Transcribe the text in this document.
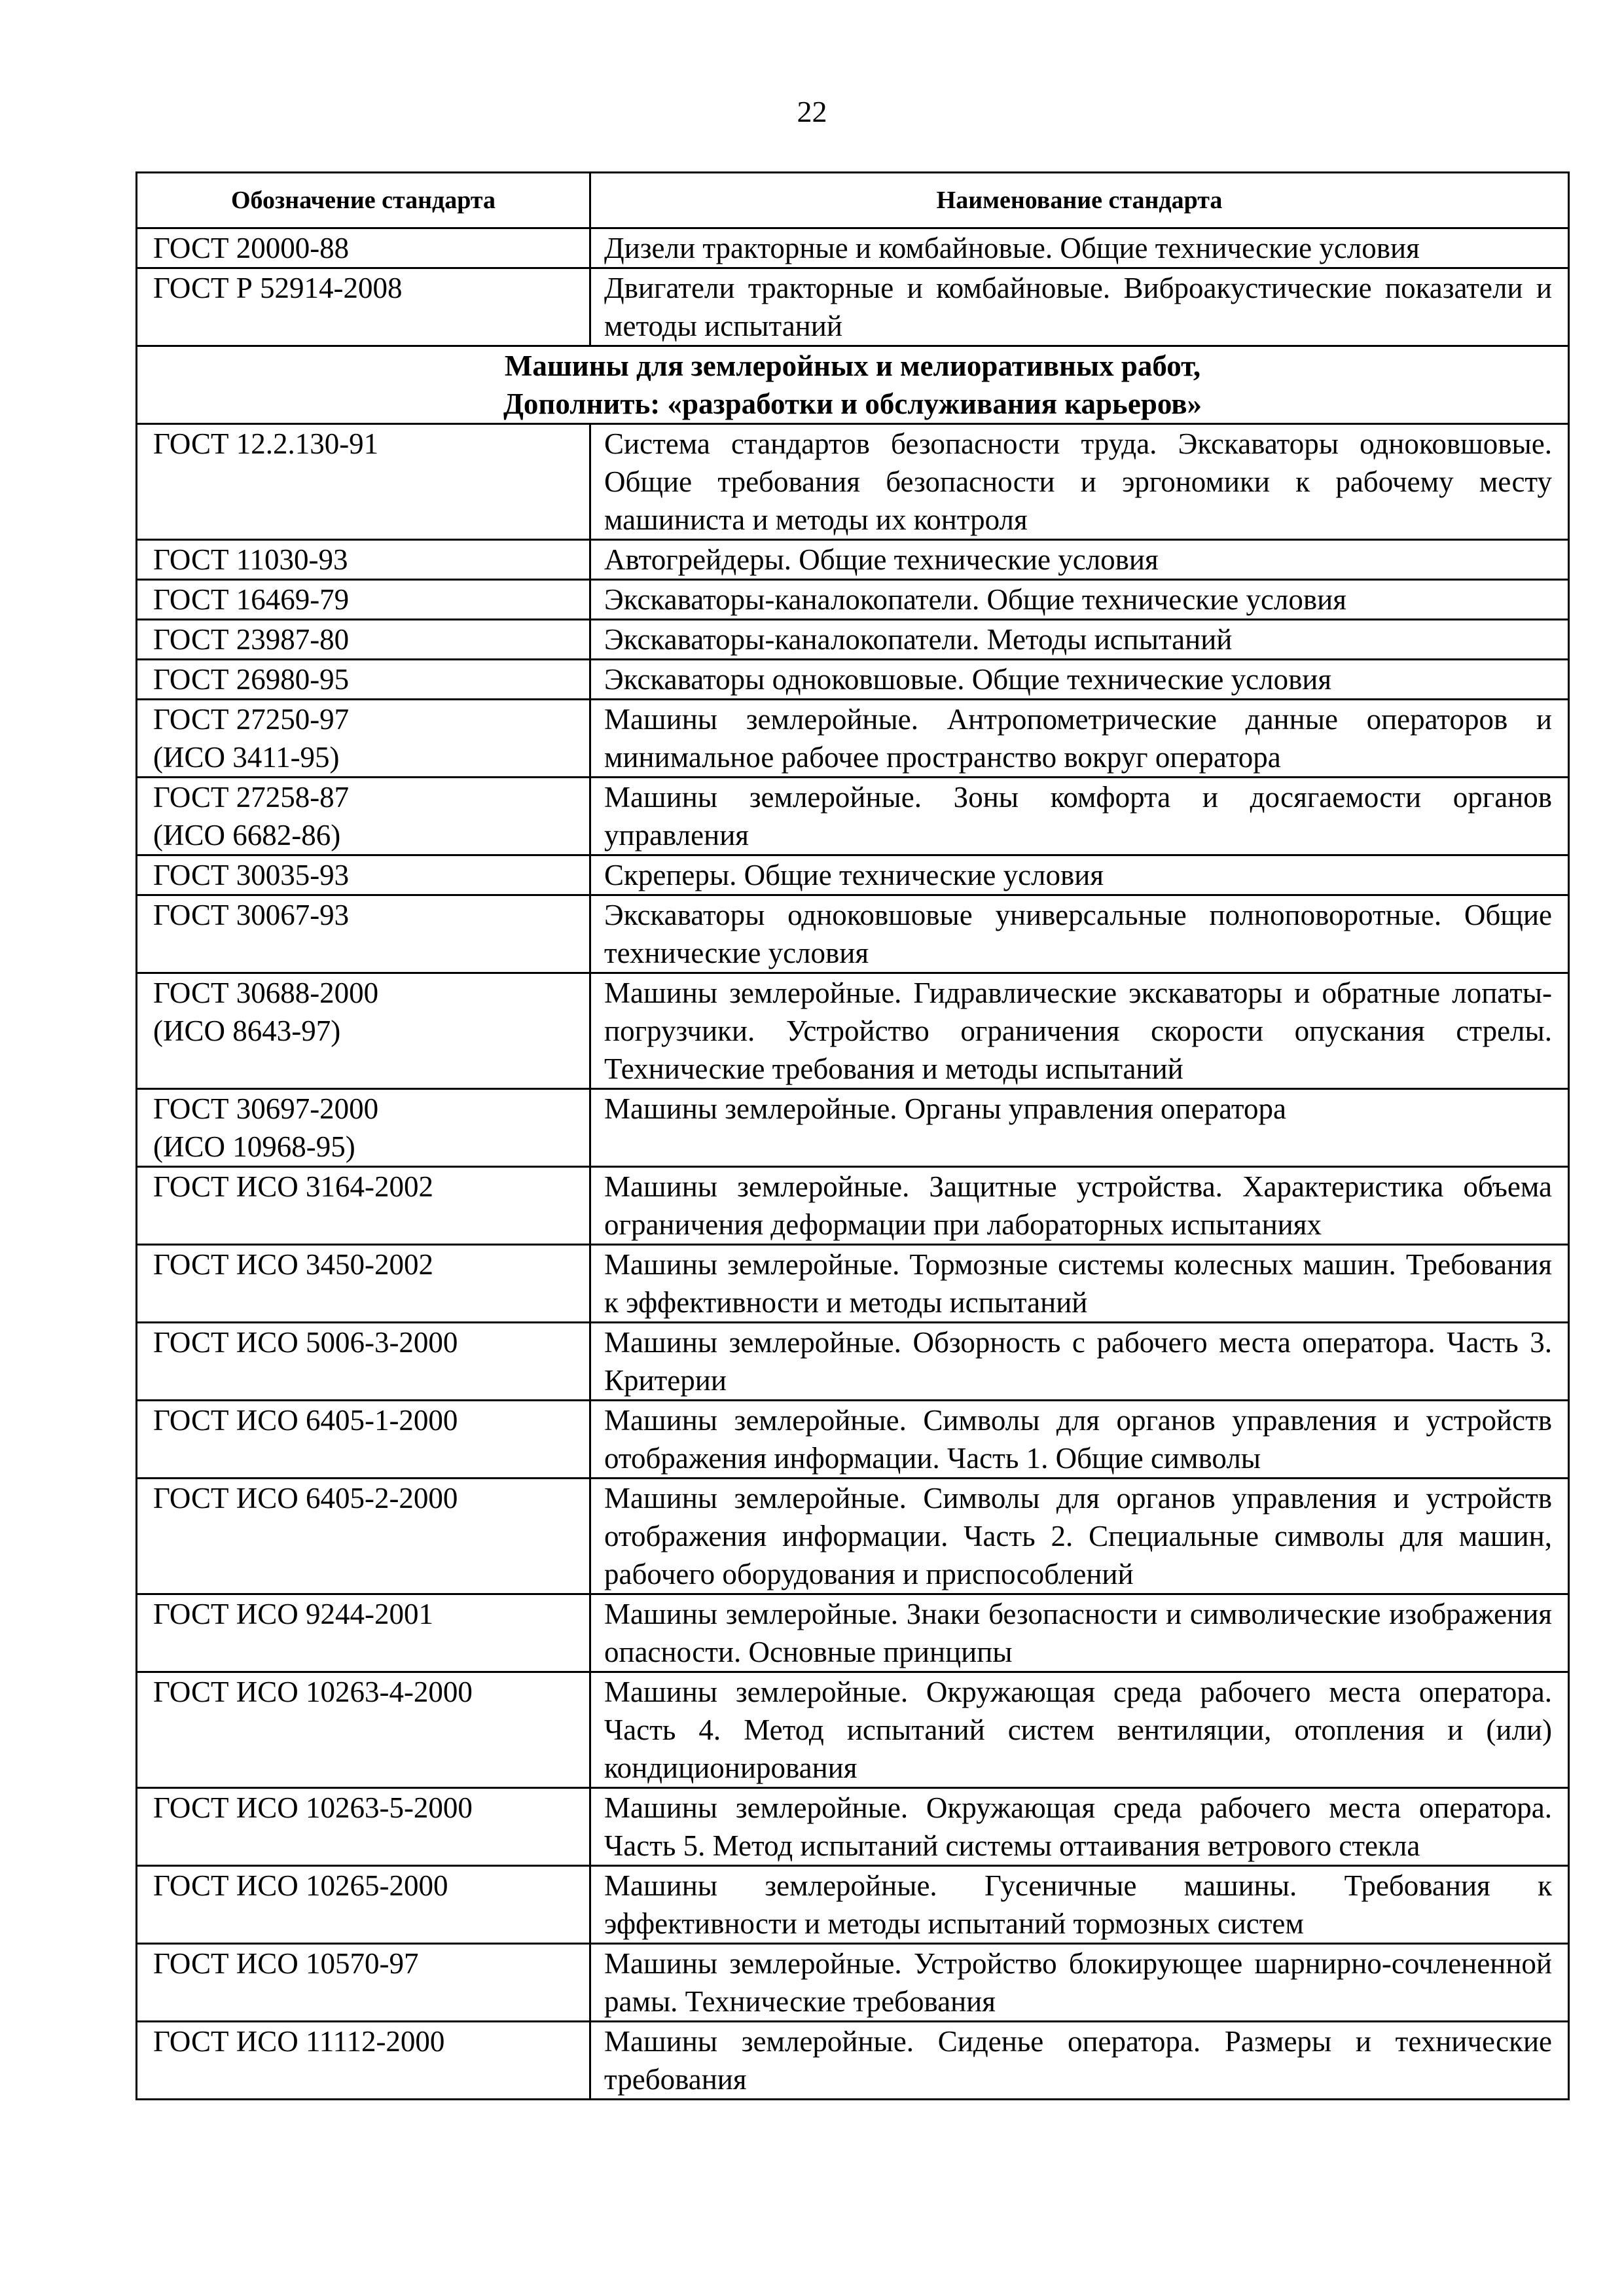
22
Обозначение стандарта	Наименование стандарта

ГОСТ 20000-88	Дизели тракторные и комбайновые. Общие технические условия

ГОСТ Р 52914-2008	Двигатели тракторные и комбайновые. Виброакустические показатели и методы испытаний

Машины для землеройных и мелиоративных работ,
Дополнить: «разработки и обслуживания карьеров»	

ГОСТ 12.2.130-91	Система стандартов безопасности труда. Экскаваторы одноковшовые. Общие требования безопасности и эргономики к рабочему месту машиниста и методы их контроля

ГОСТ 11030-93	Автогрейдеры. Общие технические условия

ГОСТ 16469-79	Экскаваторы-каналокопатели. Общие технические условия

ГОСТ 23987-80	Экскаваторы-каналокопатели. Методы испытаний

ГОСТ 26980-95	Экскаваторы одноковшовые. Общие технические условия

ГОСТ 27250-97
(ИСО 3411-95)	Машины землеройные. Антропометрические данные операторов и минимальное рабочее пространство вокруг оператора

ГОСТ 27258-87
(ИСО 6682-86)	Машины землеройные. Зоны комфорта и досягаемости органов управления

ГОСТ 30035-93	Скреперы. Общие технические условия

ГОСТ 30067-93	Экскаваторы одноковшовые универсальные полноповоротные. Общие технические условия

ГОСТ 30688-2000
(ИСО 8643-97)	Машины землеройные. Гидравлические экскаваторы и обратные лопаты-погрузчики. Устройство ограничения скорости опускания стрелы. Технические требования и методы испытаний

ГОСТ 30697-2000
(ИСО 10968-95)	Машины землеройные. Органы управления оператора

ГОСТ ИСО 3164-2002	Машины землеройные. Защитные устройства. Характеристика объема ограничения деформации при лабораторных испытаниях

ГОСТ ИСО 3450-2002	Машины землеройные. Тормозные системы колесных машин. Требования к эффективности и методы испытаний

ГОСТ ИСО 5006-3-2000	Машины землеройные. Обзорность с рабочего места оператора. Часть 3. Критерии

ГОСТ ИСО 6405-1-2000	Машины землеройные. Символы для органов управления и устройств отображения информации. Часть 1. Общие символы

ГОСТ ИСО 6405-2-2000	Машины землеройные. Символы для органов управления и устройств отображения информации. Часть 2. Специальные символы для машин, рабочего оборудования и приспособлений

ГОСТ ИСО 9244-2001	Машины землеройные. Знаки безопасности и символические изображения опасности. Основные принципы

ГОСТ ИСО 10263-4-2000	Машины землеройные. Окружающая среда рабочего места оператора. Часть 4. Метод испытаний систем вентиляции, отопления и (или) кондиционирования

ГОСТ ИСО 10263-5-2000	Машины землеройные. Окружающая среда рабочего места оператора. Часть 5. Метод испытаний системы оттаивания ветрового стекла

ГОСТ ИСО 10265-2000	Машины землеройные. Гусеничные машины. Требования к эффективности и методы испытаний тормозных систем

ГОСТ ИСО 10570-97	Машины землеройные. Устройство блокирующее шарнирно-сочлененной рамы. Технические требования

ГОСТ ИСО 11112-2000	Машины землеройные. Сиденье оператора. Размеры и технические требования
